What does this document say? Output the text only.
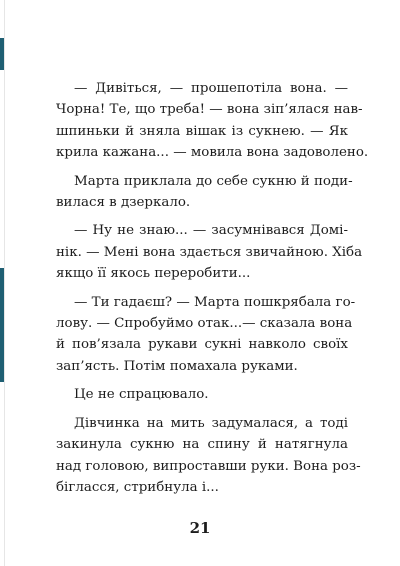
— Дивіться, — прошепотіла вона. —
Чорна! Те, що треба! — вона зіп’ялася нав-
шпиньки й зняла вішак із сукнею. — Як
крила кажана... — мовила вона задоволено.
Марта приклала до себе сукню й поди-
вилася в дзеркало.
— Ну не знаю... — засумнівався Домі-
нік. — Мені вона здається звичайною. Хіба
якщо її якось переробити...
— Ти гадаєш? — Марта пошкрябала го-
лову. — Спробуймо отак...— сказала вона
й пов’язала рукави сукні навколо своїх
зап’ясть. Потім помахала руками.
Це не спрацювало.
Дівчинка на мить задумалася, а тоді
закинула сукню на спину й натягнула
над головою, випроставши руки. Вона роз-
бігласся, стрибнула і...
21
